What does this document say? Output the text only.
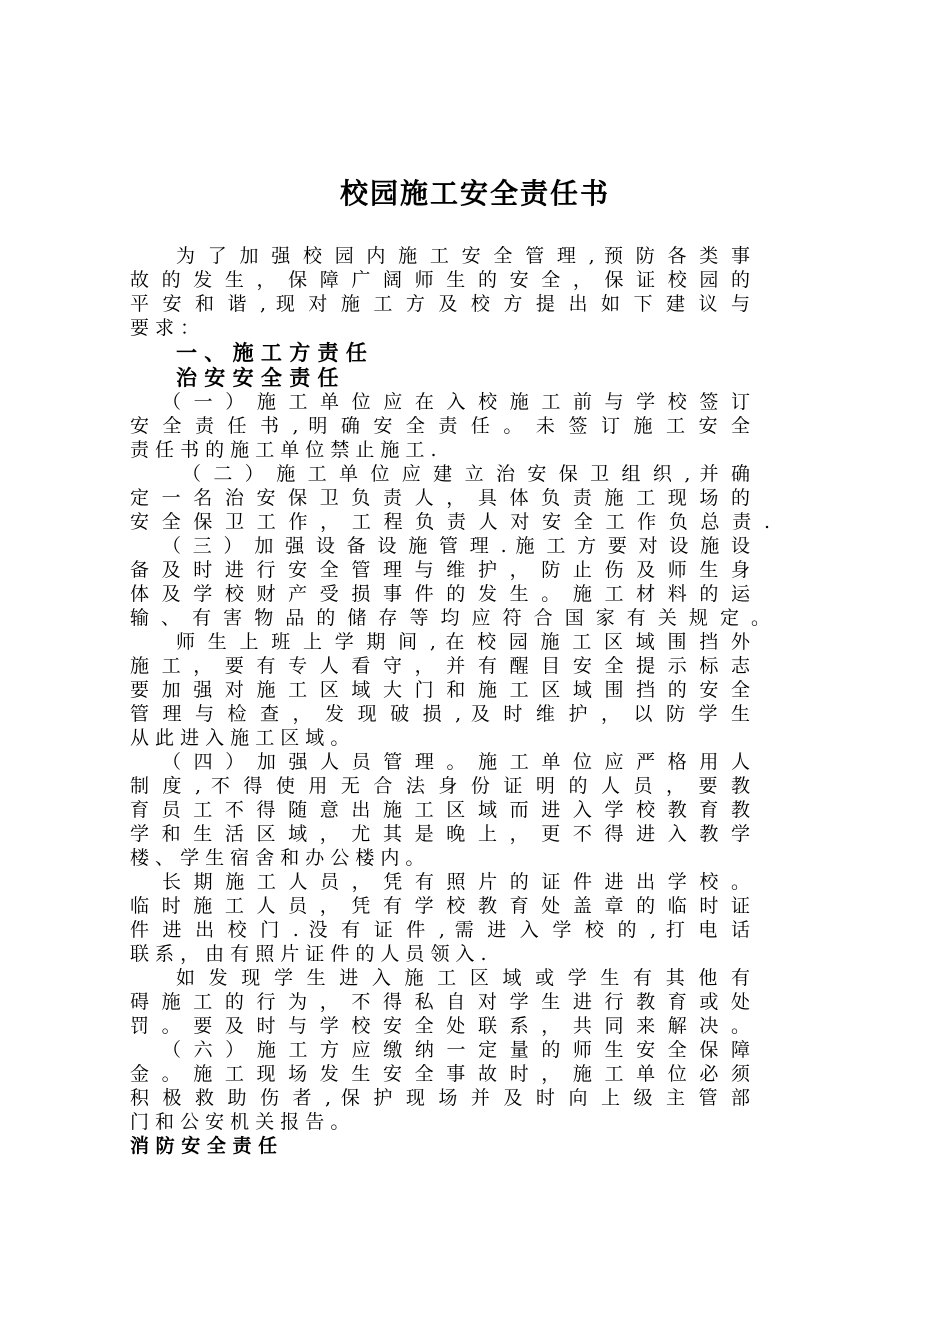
校园施工安全责任书
为 了 加 强 校 园 内 施 工 安 全 管 理 , 预 防 各 类 事
故 的 发 生 ， 保 障 广 阔 师 生 的 安 全 ， 保 证 校 园 的
平 安 和 谐 , 现 对 施 工 方 及 校 方 提 出 如 下 建 议 与
要 求 ：
一 、 施 工 方 责 任
治 安 安 全 责 任
（ 一 ） 施 工 单 位 应 在 入 校 施 工 前 与 学 校 签 订
安 全 责 任 书 , 明 确 安 全 责 任 。 未 签 订 施 工 安 全
责 任 书 的 施 工 单 位 禁 止 施 工 .
（ 二 ） 施 工 单 位 应 建 立 治 安 保 卫 组 织 , 并 确
定 一 名 治 安 保 卫 负 责 人 ， 具 体 负 责 施 工 现 场 的
安 全 保 卫 工 作 ， 工 程 负 责 人 对 安 全 工 作 负 总 责 .
（ 三 ） 加 强 设 备 设 施 管 理 . 施 工 方 要 对 设 施 设
备 及 时 进 行 安 全 管 理 与 维 护 ， 防 止 伤 及 师 生 身
体 及 学 校 财 产 受 损 事 件 的 发 生 。 施 工 材 料 的 运
输 、 有 害 物 品 的 储 存 等 均 应 符 合 国 家 有 关 规 定 。
师 生 上 班 上 学 期 间 , 在 校 园 施 工 区 域 围 挡 外
施 工 ， 要 有 专 人 看 守 ， 并 有 醒 目 安 全 提 示 标 志
要 加 强 对 施 工 区 域 大 门 和 施 工 区 域 围 挡 的 安 全
管 理 与 检 查 ， 发 现 破 损 , 及 时 维 护 ， 以 防 学 生
从 此 进 入 施 工 区 域 。
（ 四 ） 加 强 人 员 管 理 。 施 工 单 位 应 严 格 用 人
制 度 , 不 得 使 用 无 合 法 身 份 证 明 的 人 员 ， 要 教
育 员 工 不 得 随 意 出 施 工 区 域 而 进 入 学 校 教 育 教
学 和 生 活 区 域 ， 尤 其 是 晚 上 ， 更 不 得 进 入 教 学
楼 、 学 生 宿 舍 和 办 公 楼 内 。
长 期 施 工 人 员 ， 凭 有 照 片 的 证 件 进 出 学 校 。
临 时 施 工 人 员 ， 凭 有 学 校 教 育 处 盖 章 的 临 时 证
件 进 出 校 门 . 没 有 证 件 , 需 进 入 学 校 的 , 打 电 话
联 系 ， 由 有 照 片 证 件 的 人 员 领 入 .
如 发 现 学 生 进 入 施 工 区 域 或 学 生 有 其 他 有
碍 施 工 的 行 为 ， 不 得 私 自 对 学 生 进 行 教 育 或 处
罚 。 要 及 时 与 学 校 安 全 处 联 系 ， 共 同 来 解 决 。
（ 六 ） 施 工 方 应 缴 纳 一 定 量 的 师 生 安 全 保 障
金 。 施 工 现 场 发 生 安 全 事 故 时 ， 施 工 单 位 必 须
积 极 救 助 伤 者 , 保 护 现 场 并 及 时 向 上 级 主 管 部
门 和 公 安 机 关 报 告 。
消 防 安 全 责 任
